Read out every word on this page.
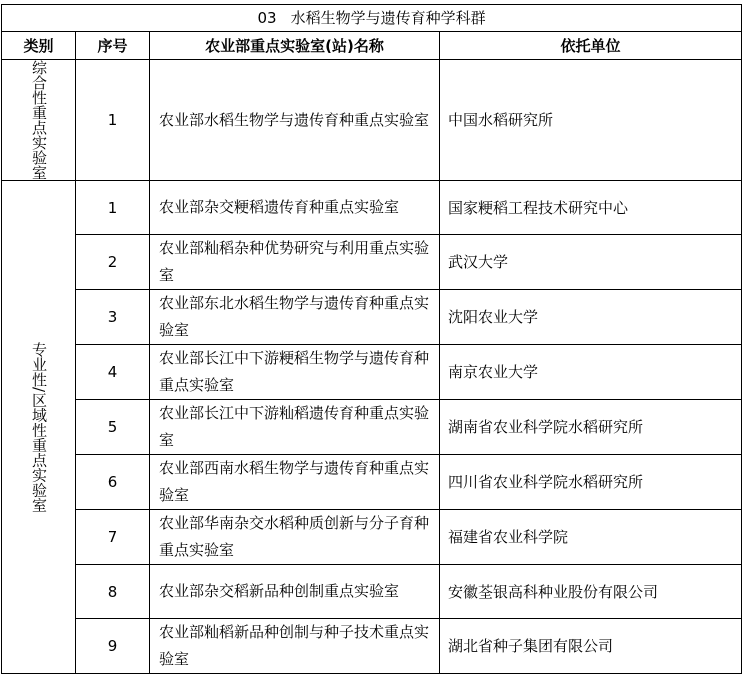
03 水稻生物学与遗传育种学科群			
类别	序号	农业部重点实验室(站)名称	依托单位

综合性重点实验室	1	农业部水稻生物学与遗传育种重点实验室	中国水稻研究所

专业性/区域性重点实验室	1	农业部杂交粳稻遗传育种重点实验室	国家粳稻工程技术研究中心
	2	农业部籼稻杂种优势研究与利用重点实验室	武汉大学
	3	农业部东北水稻生物学与遗传育种重点实验室	沈阳农业大学
	4	农业部长江中下游粳稻生物学与遗传育种重点实验室	南京农业大学
	5	农业部长江中下游籼稻遗传育种重点实验室	湖南省农业科学院水稻研究所
	6	农业部西南水稻生物学与遗传育种重点实验室	四川省农业科学院水稻研究所
	7	农业部华南杂交水稻种质创新与分子育种重点实验室	福建省农业科学院
	8	农业部杂交稻新品种创制重点实验室	安徽荃银高科种业股份有限公司
	9	农业部籼稻新品种创制与种子技术重点实验室	湖北省种子集团有限公司
